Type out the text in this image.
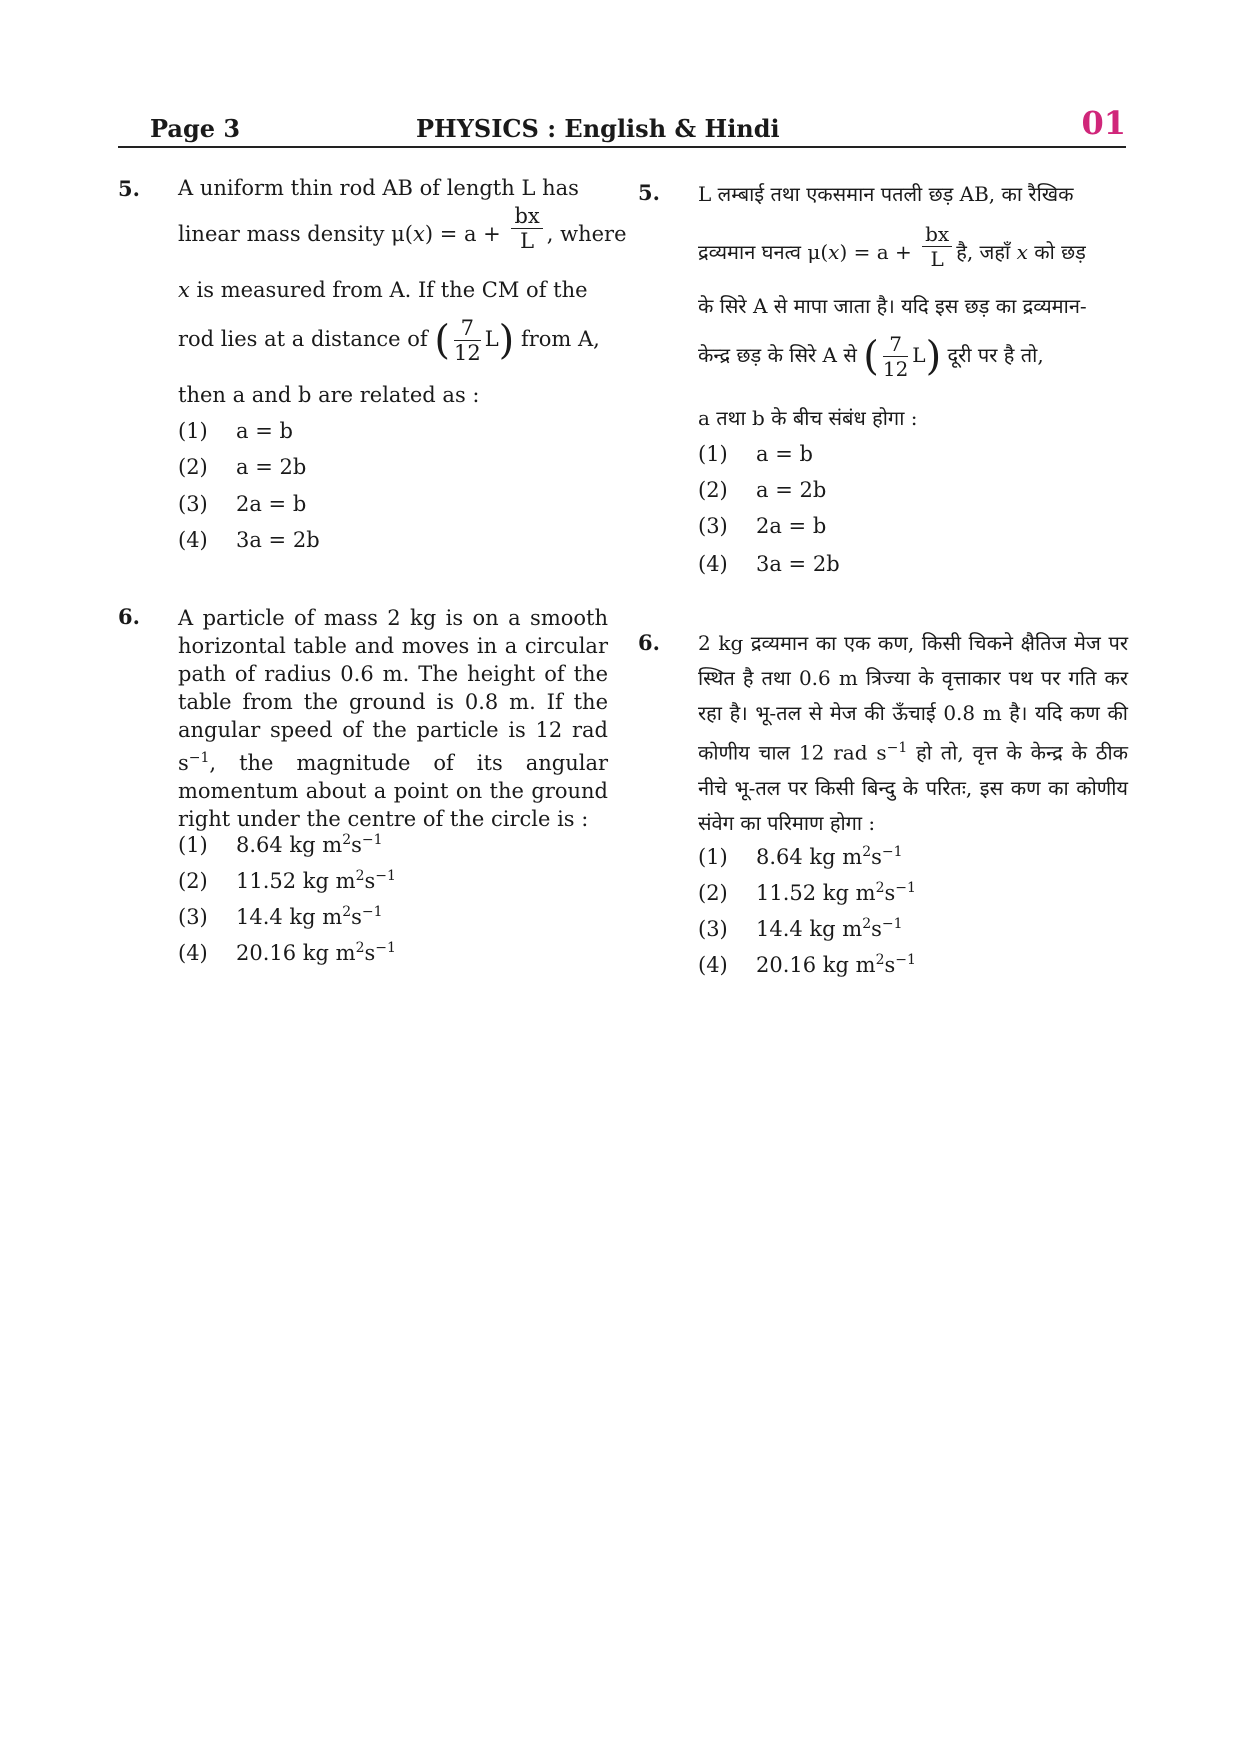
Page 3	PHYSICS : English & Hindi	01
5. A uniform thin rod AB of length L has
linear mass density $\mu(x) = a + \frac{bx}{L}$ , where
x is measured from A. If the CM of the
rod lies at a distance of ( $\frac{7}{12} L$) from A,
then a and b are related as :
(1) a = b
(2) a = 2b
(3) 2a = b
(4) 3a = 2b
5. L लम्बाई तथा एकसमान पतली छड़ AB, का रैखिक
द्रव्यमान घनत्व $\mu(x) = a + \frac{bx}{L}$ है, जहाँ x को छड़
के सिरे A से मापा जाता है। यदि इस छड़ का द्रव्यमान-
केन्द्र छड़ के सिरे A से ( $\frac{7}{12} L$) दूरी पर है तो,
a तथा b के बीच संबंध होगा :
(1) a = b
(2) a = 2b
(3) 2a = b
(4) 3a = 2b
6. A particle of mass 2 kg is on a smooth horizontal table and moves in a circular path of radius 0.6 m. The height of the table from the ground is 0.8 m. If the angular speed of the particle is 12 rad $s^{-1}$, the magnitude of its angular momentum about a point on the ground right under the centre of the circle is :
(1) 8.64 kg $m^2s^{-1}$
(2) 11.52 kg $m^2s^{-1}$
(3) 14.4 kg $m^2s^{-1}$
(4) 20.16 kg $m^2s^{-1}$
6. 2 kg द्रव्यमान का एक कण, किसी चिकने क्षैतिज मेज पर स्थित है तथा 0.6 m त्रिज्या के वृत्ताकार पथ पर गति कर रहा है। भू-तल से मेज की ऊँचाई 0.8 m है। यदि कण की कोणीय चाल 12 rad $s^{-1}$ हो तो, वृत्त के केन्द्र के ठीक नीचे भू-तल पर किसी बिन्दु के परितः, इस कण का कोणीय संवेग का परिमाण होगा :
(1) 8.64 kg $m^2s^{-1}$
(2) 11.52 kg $m^2s^{-1}$
(3) 14.4 kg $m^2s^{-1}$
(4) 20.16 kg $m^2s^{-1}$
